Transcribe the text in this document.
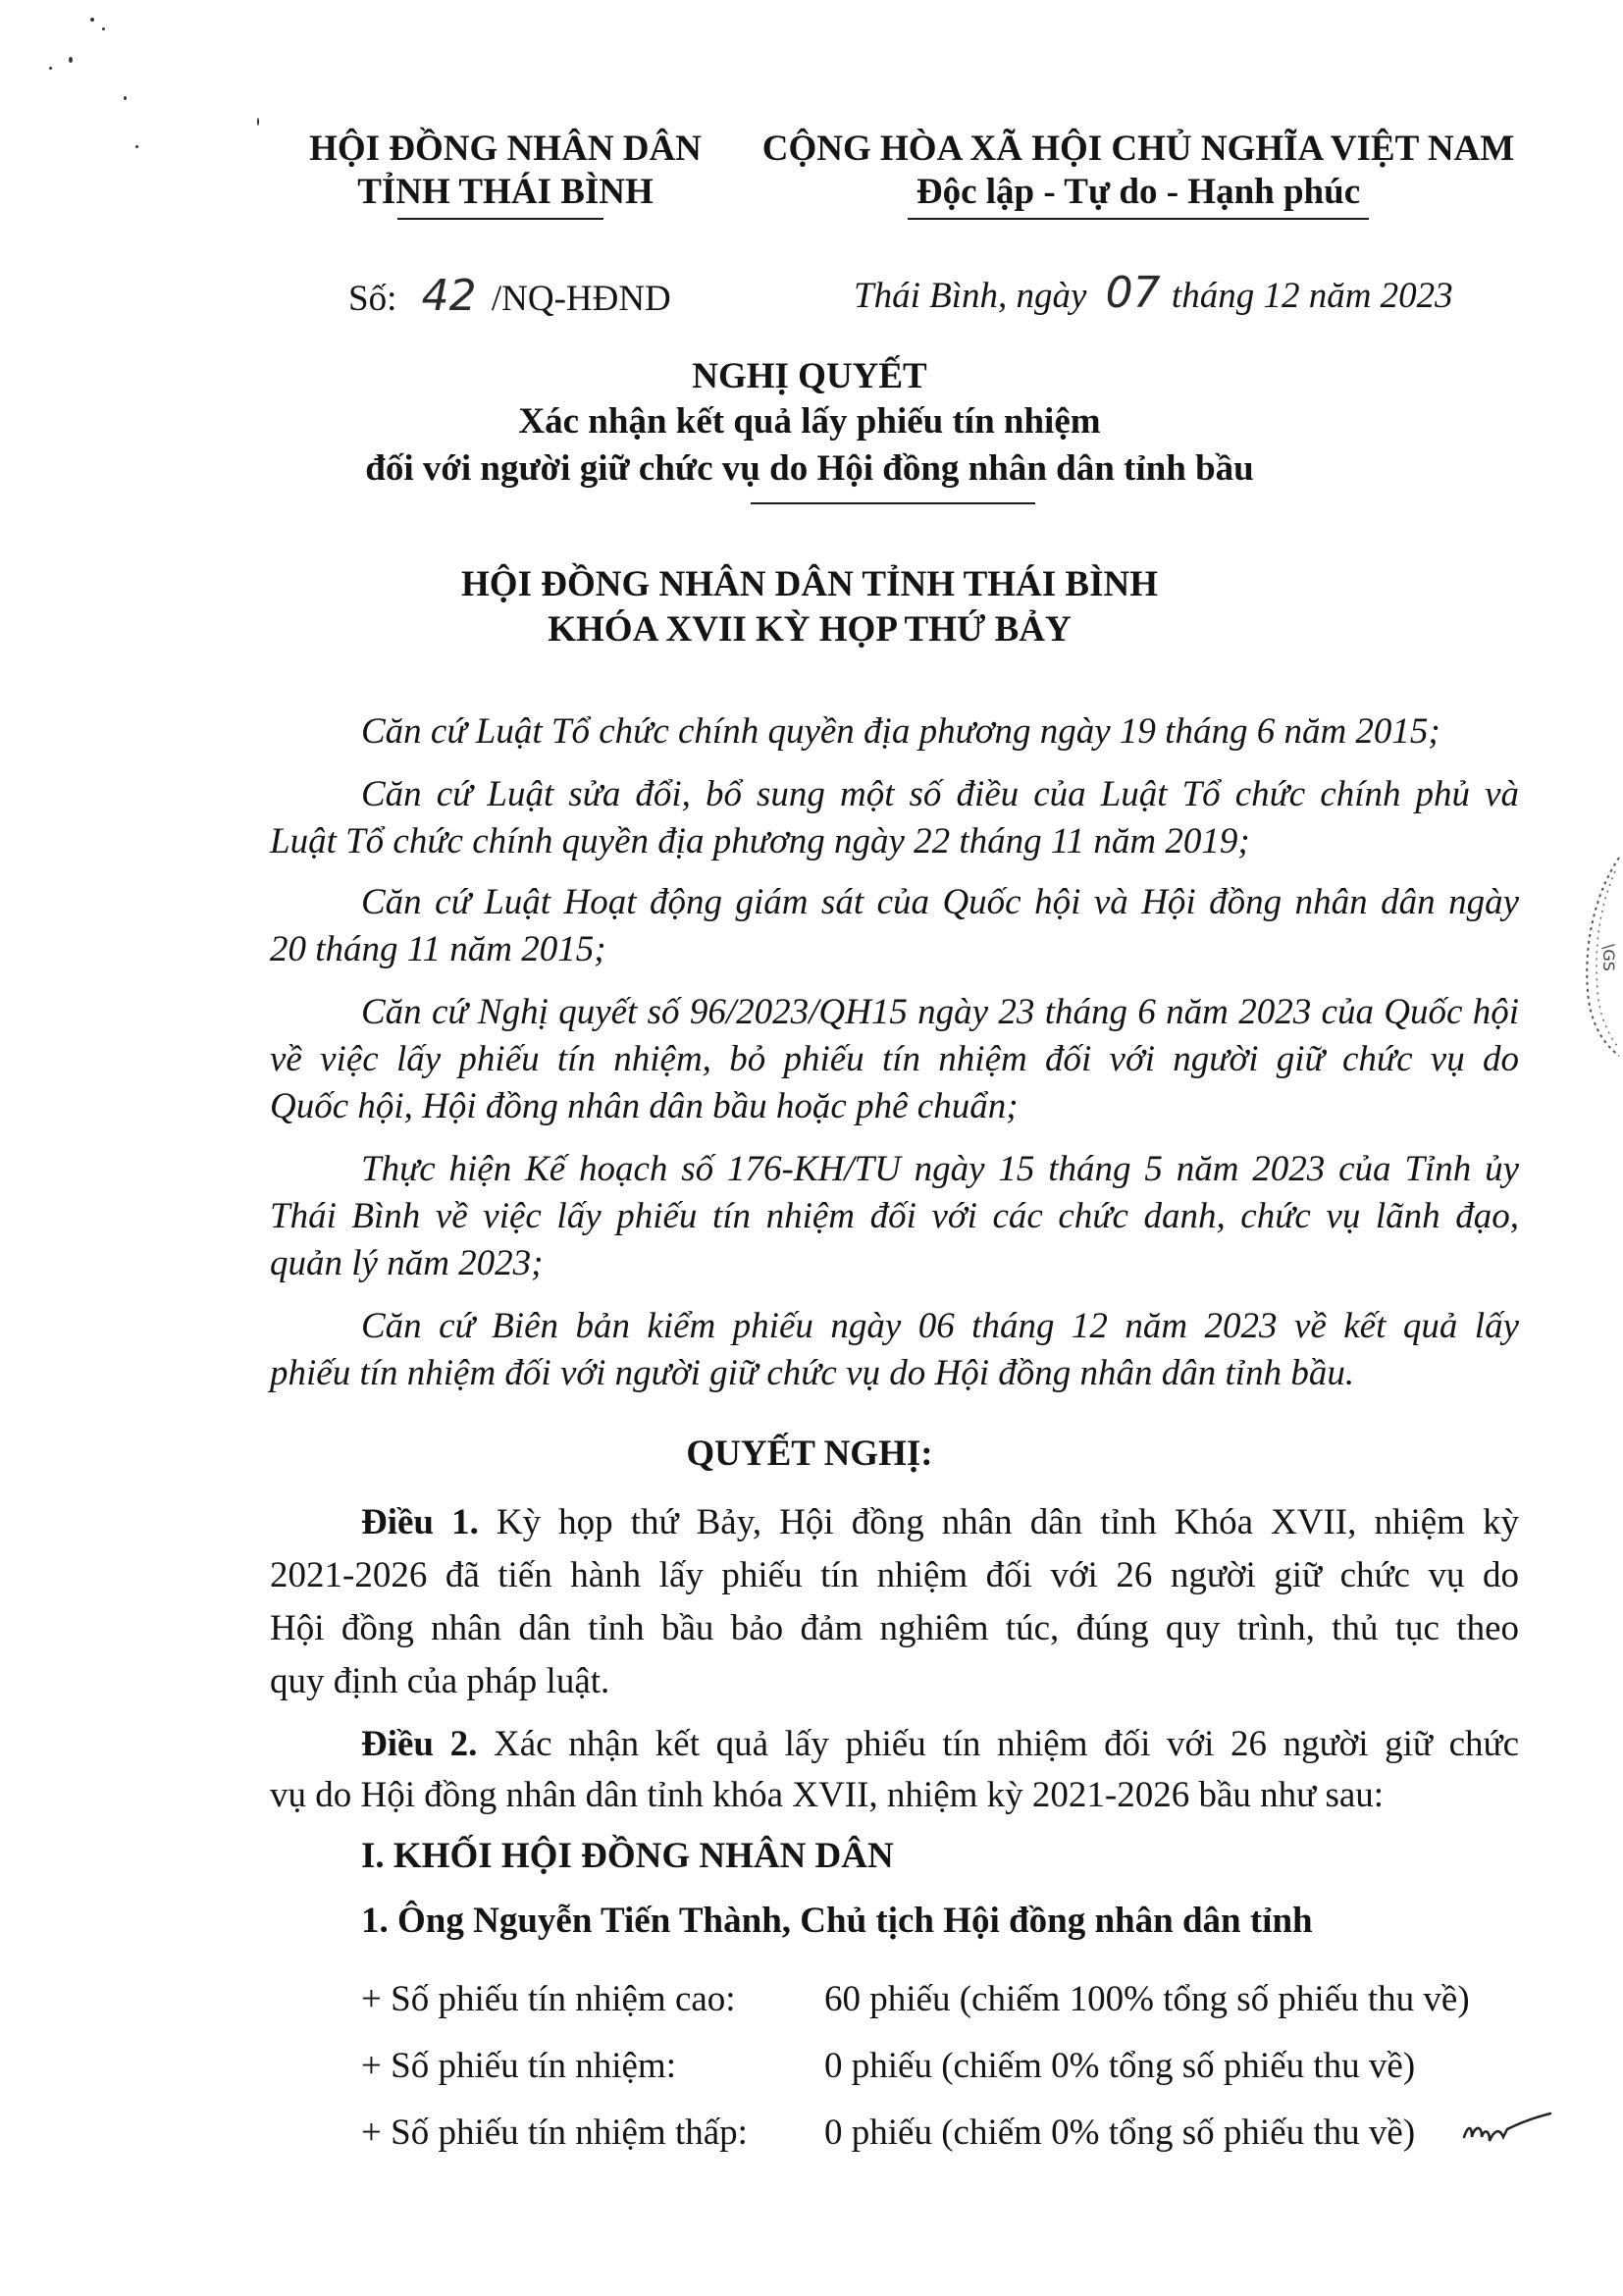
HỘI ĐỒNG NHÂN DÂN
TỈNH THÁI BÌNH
CỘNG HÒA XÃ HỘI CHỦ NGHĨA VIỆT NAM
Độc lập - Tự do - Hạnh phúc
Số: 42 /NQ-HĐND	Thái Bình, ngày 07 tháng 12 năm 2023
NGHỊ QUYẾT
Xác nhận kết quả lấy phiếu tín nhiệm
đối với người giữ chức vụ do Hội đồng nhân dân tỉnh bầu
HỘI ĐỒNG NHÂN DÂN TỈNH THÁI BÌNH
KHÓA XVII KỲ HỌP THỨ BẢY
Căn cứ Luật Tổ chức chính quyền địa phương ngày 19 tháng 6 năm 2015;
Căn cứ Luật sửa đổi, bổ sung một số điều của Luật Tổ chức chính phủ và
Luật Tổ chức chính quyền địa phương ngày 22 tháng 11 năm 2019;
Căn cứ Luật Hoạt động giám sát của Quốc hội và Hội đồng nhân dân ngày
20 tháng 11 năm 2015;
Căn cứ Nghị quyết số 96/2023/QH15 ngày 23 tháng 6 năm 2023 của Quốc hội
về việc lấy phiếu tín nhiệm, bỏ phiếu tín nhiệm đối với người giữ chức vụ do
Quốc hội, Hội đồng nhân dân bầu hoặc phê chuẩn;
Thực hiện Kế hoạch số 176-KH/TU ngày 15 tháng 5 năm 2023 của Tỉnh ủy
Thái Bình về việc lấy phiếu tín nhiệm đối với các chức danh, chức vụ lãnh đạo,
quản lý năm 2023;
Căn cứ Biên bản kiểm phiếu ngày 06 tháng 12 năm 2023 về kết quả lấy
phiếu tín nhiệm đối với người giữ chức vụ do Hội đồng nhân dân tỉnh bầu.
QUYẾT NGHỊ:
Điều 1. Kỳ họp thứ Bảy, Hội đồng nhân dân tỉnh Khóa XVII, nhiệm kỳ
2021-2026 đã tiến hành lấy phiếu tín nhiệm đối với 26 người giữ chức vụ do
Hội đồng nhân dân tỉnh bầu bảo đảm nghiêm túc, đúng quy trình, thủ tục theo
quy định của pháp luật.
Điều 2. Xác nhận kết quả lấy phiếu tín nhiệm đối với 26 người giữ chức
vụ do Hội đồng nhân dân tỉnh khóa XVII, nhiệm kỳ 2021-2026 bầu như sau:
I. KHỐI HỘI ĐỒNG NHÂN DÂN
1. Ông Nguyễn Tiến Thành, Chủ tịch Hội đồng nhân dân tỉnh
+ Số phiếu tín nhiệm cao: 60 phiếu (chiếm 100% tổng số phiếu thu về)
+ Số phiếu tín nhiệm:	0 phiếu (chiếm 0% tổng số phiếu thu về)
+ Số phiếu tín nhiệm thấp: 0 phiếu (chiếm 0% tổng số phiếu thu về)
\GS
